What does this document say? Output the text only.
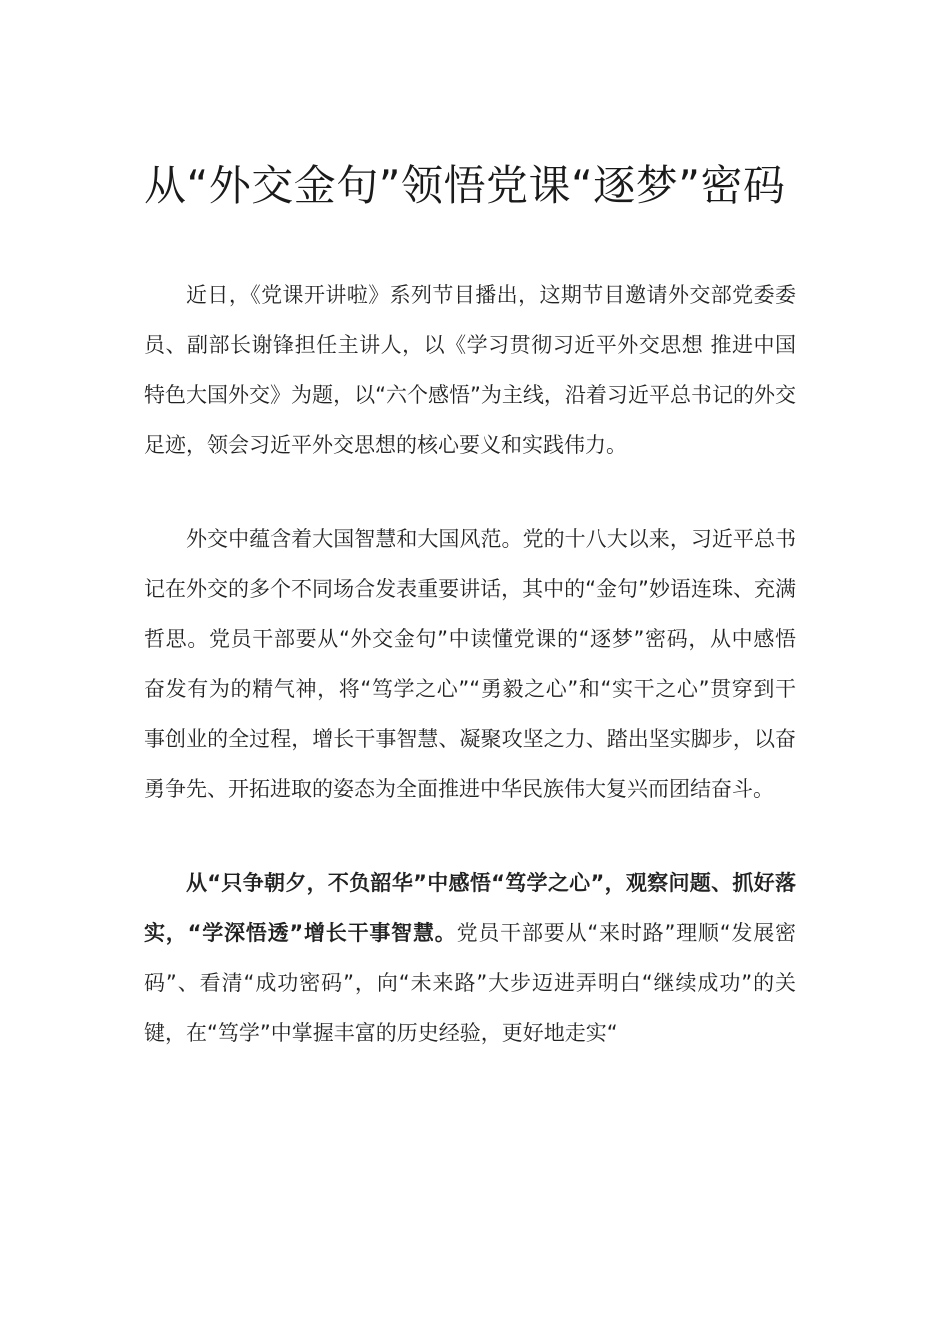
从“外交金句”领悟党课“逐梦”密码

近日，《党课开讲啦》系列节目播出，这期节目邀请外交部党委委员、副部长谢锋担任主讲人，以《学习贯彻习近平外交思想 推进中国特色大国外交》为题，以“六个感悟”为主线，沿着习近平总书记的外交足迹，领会习近平外交思想的核心要义和实践伟力。

外交中蕴含着大国智慧和大国风范。党的十八大以来，习近平总书记在外交的多个不同场合发表重要讲话，其中的“金句”妙语连珠、充满哲思。党员干部要从“外交金句”中读懂党课的“逐梦”密码，从中感悟奋发有为的精气神，将“笃学之心”“勇毅之心”和“实干之心”贯穿到干事创业的全过程，增长干事智慧、凝聚攻坚之力、踏出坚实脚步，以奋勇争先、开拓进取的姿态为全面推进中华民族伟大复兴而团结奋斗。

从“只争朝夕，不负韶华”中感悟“笃学之心”，观察问题、抓好落实，“学深悟透”增长干事智慧。党员干部要从“来时路”理顺“发展密码”、看清“成功密码”，向“未来路”大步迈进弄明白“继续成功”的关键，在“笃学”中掌握丰富的历史经验，更好地走实“
